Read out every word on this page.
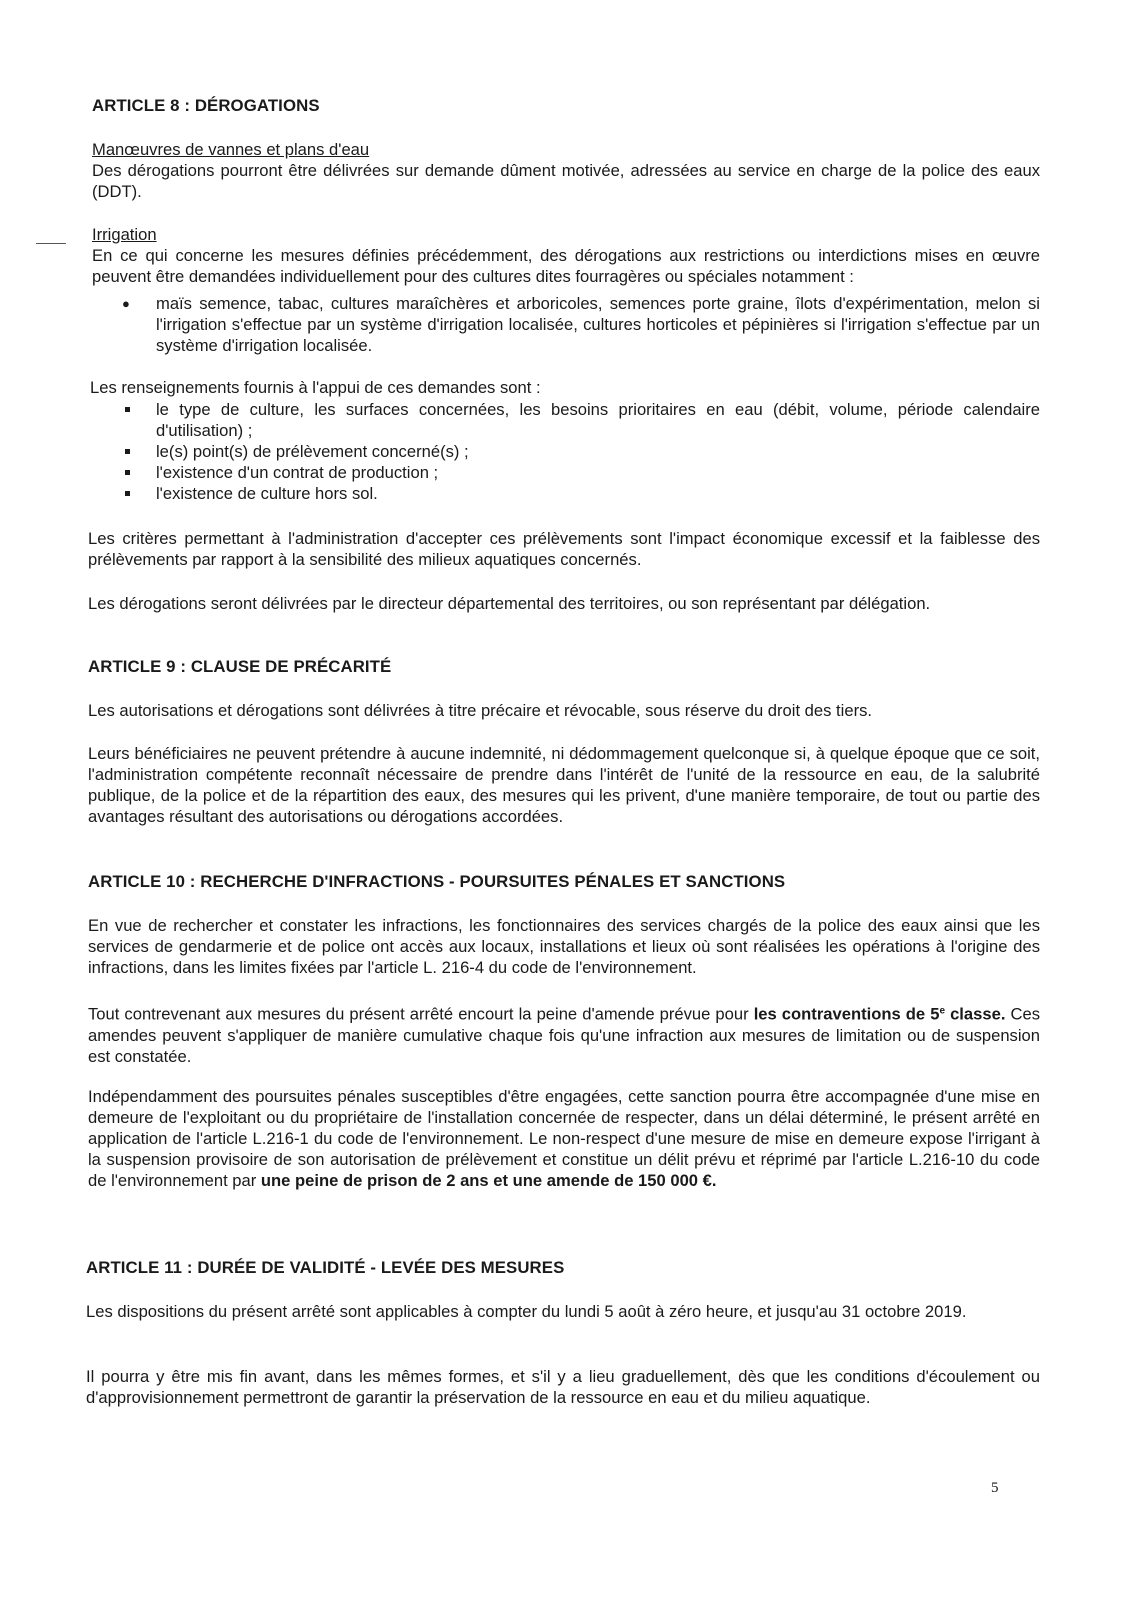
ARTICLE 8 : DÉROGATIONS
Manœuvres de vannes et plans d'eau
Des dérogations pourront être délivrées sur demande dûment motivée, adressées au service en charge de la police des eaux (DDT).
Irrigation
En ce qui concerne les mesures définies précédemment, des dérogations aux restrictions ou interdictions mises en œuvre peuvent être demandées individuellement pour des cultures dites fourragères ou spéciales notamment :
● maïs semence, tabac, cultures maraîchères et arboricoles, semences porte graine, îlots d'expérimentation, melon si l'irrigation s'effectue par un système d'irrigation localisée, cultures horticoles et pépinières si l'irrigation s'effectue par un système d'irrigation localisée.
Les renseignements fournis à l'appui de ces demandes sont :
le type de culture, les surfaces concernées, les besoins prioritaires en eau (débit, volume, période calendaire d'utilisation) ;
le(s) point(s) de prélèvement concerné(s) ;
l'existence d'un contrat de production ;
l'existence de culture hors sol.
Les critères permettant à l'administration d'accepter ces prélèvements sont l'impact économique excessif et la faiblesse des prélèvements par rapport à la sensibilité des milieux aquatiques concernés.
Les dérogations seront délivrées par le directeur départemental des territoires, ou son représentant par délégation.
ARTICLE 9 : CLAUSE DE PRÉCARITÉ
Les autorisations et dérogations sont délivrées à titre précaire et révocable, sous réserve du droit des tiers.
Leurs bénéficiaires ne peuvent prétendre à aucune indemnité, ni dédommagement quelconque si, à quelque époque que ce soit, l'administration compétente reconnaît nécessaire de prendre dans l'intérêt de l'unité de la ressource en eau, de la salubrité publique, de la police et de la répartition des eaux, des mesures qui les privent, d'une manière temporaire, de tout ou partie des avantages résultant des autorisations ou dérogations accordées.
ARTICLE 10 : RECHERCHE D'INFRACTIONS - POURSUITES PÉNALES ET SANCTIONS
En vue de rechercher et constater les infractions, les fonctionnaires des services chargés de la police des eaux ainsi que les services de gendarmerie et de police ont accès aux locaux, installations et lieux où sont réalisées les opérations à l'origine des infractions, dans les limites fixées par l'article L. 216-4 du code de l'environnement.
Tout contrevenant aux mesures du présent arrêté encourt la peine d'amende prévue pour les contraventions de 5e classe. Ces amendes peuvent s'appliquer de manière cumulative chaque fois qu'une infraction aux mesures de limitation ou de suspension est constatée.
Indépendamment des poursuites pénales susceptibles d'être engagées, cette sanction pourra être accompagnée d'une mise en demeure de l'exploitant ou du propriétaire de l'installation concernée de respecter, dans un délai déterminé, le présent arrêté en application de l'article L.216-1 du code de l'environnement. Le non-respect d'une mesure de mise en demeure expose l'irrigant à la suspension provisoire de son autorisation de prélèvement et constitue un délit prévu et réprimé par l'article L.216-10 du code de l'environnement par une peine de prison de 2 ans et une amende de 150 000 €.
ARTICLE 11 : DURÉE DE VALIDITÉ - LEVÉE DES MESURES
Les dispositions du présent arrêté sont applicables à compter du lundi 5 août à zéro heure, et jusqu'au 31 octobre 2019.
Il pourra y être mis fin avant, dans les mêmes formes, et s'il y a lieu graduellement, dès que les conditions d'écoulement ou d'approvisionnement permettront de garantir la préservation de la ressource en eau et du milieu aquatique.
5
